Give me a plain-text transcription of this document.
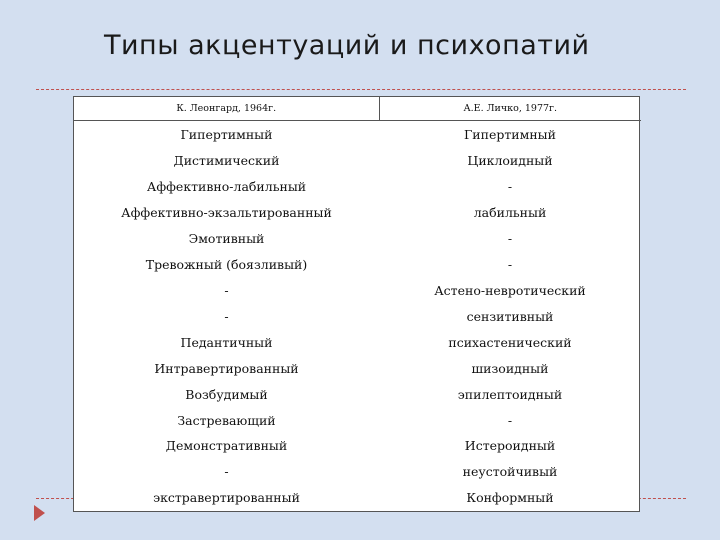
Типы акцентуаций и психопатий
К. Леонгард, 1964г.	А.Е. Личко, 1977г.
Гипертимный	Гипертимный
Дистимический	Циклоидный
Аффективно-лабильный	-
Аффективно-экзальтированный	лабильный
Эмотивный	-
Тревожный (боязливый)	-
-	Астено-невротический
-	сензитивный
Педантичный	психастенический
Интравертированный	шизоидный
Возбудимый	эпилептоидный
Застревающий	-
Демонстративный	Истероидный
-	неустойчивый
экстравертированный	Конформный
